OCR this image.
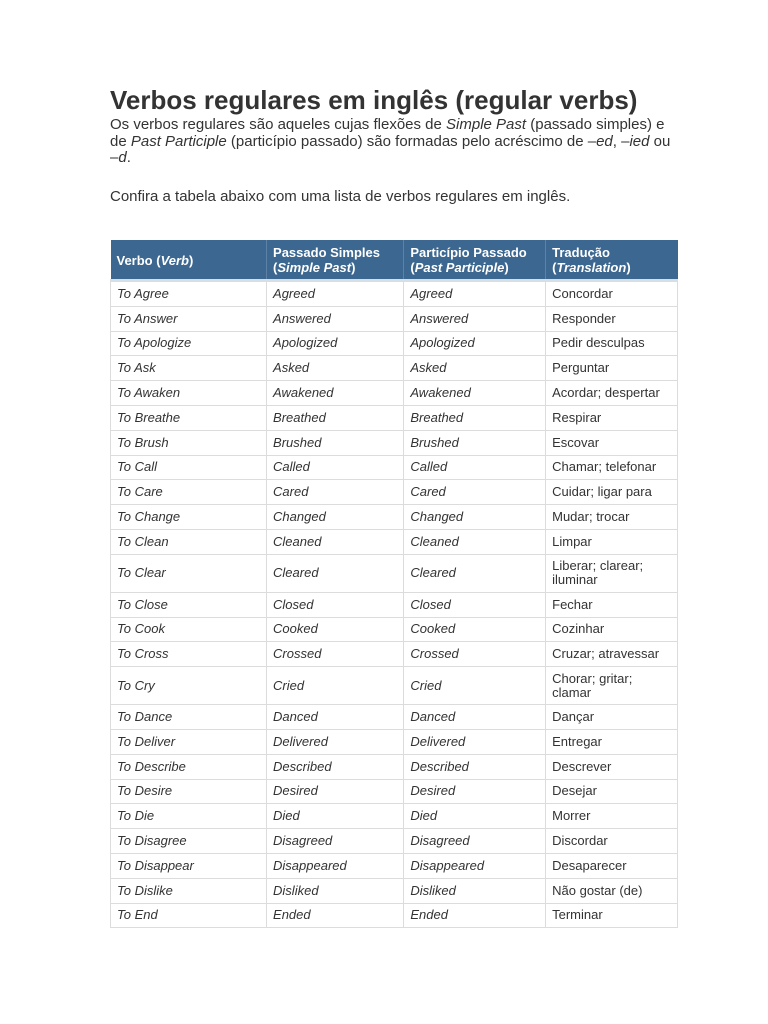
Verbos regulares em inglês (regular verbs)

Os verbos regulares são aqueles cujas flexões de Simple Past (passado simples) e de Past Participle (particípio passado) são formadas pelo acréscimo de –ed, –ied ou –d.

Confira a tabela abaixo com uma lista de verbos regulares em inglês.

Verbo (Verb)	Passado Simples (Simple Past)	Particípio Passado (Past Participle)	Tradução (Translation)
To Agree	Agreed	Agreed	Concordar
To Answer	Answered	Answered	Responder
To Apologize	Apologized	Apologized	Pedir desculpas
To Ask	Asked	Asked	Perguntar
To Awaken	Awakened	Awakened	Acordar; despertar
To Breathe	Breathed	Breathed	Respirar
To Brush	Brushed	Brushed	Escovar
To Call	Called	Called	Chamar; telefonar
To Care	Cared	Cared	Cuidar; ligar para
To Change	Changed	Changed	Mudar; trocar
To Clean	Cleaned	Cleaned	Limpar
To Clear	Cleared	Cleared	Liberar; clarear; iluminar
To Close	Closed	Closed	Fechar
To Cook	Cooked	Cooked	Cozinhar
To Cross	Crossed	Crossed	Cruzar; atravessar
To Cry	Cried	Cried	Chorar; gritar; clamar
To Dance	Danced	Danced	Dançar
To Deliver	Delivered	Delivered	Entregar
To Describe	Described	Described	Descrever
To Desire	Desired	Desired	Desejar
To Die	Died	Died	Morrer
To Disagree	Disagreed	Disagreed	Discordar
To Disappear	Disappeared	Disappeared	Desaparecer
To Dislike	Disliked	Disliked	Não gostar (de)
To End	Ended	Ended	Terminar
